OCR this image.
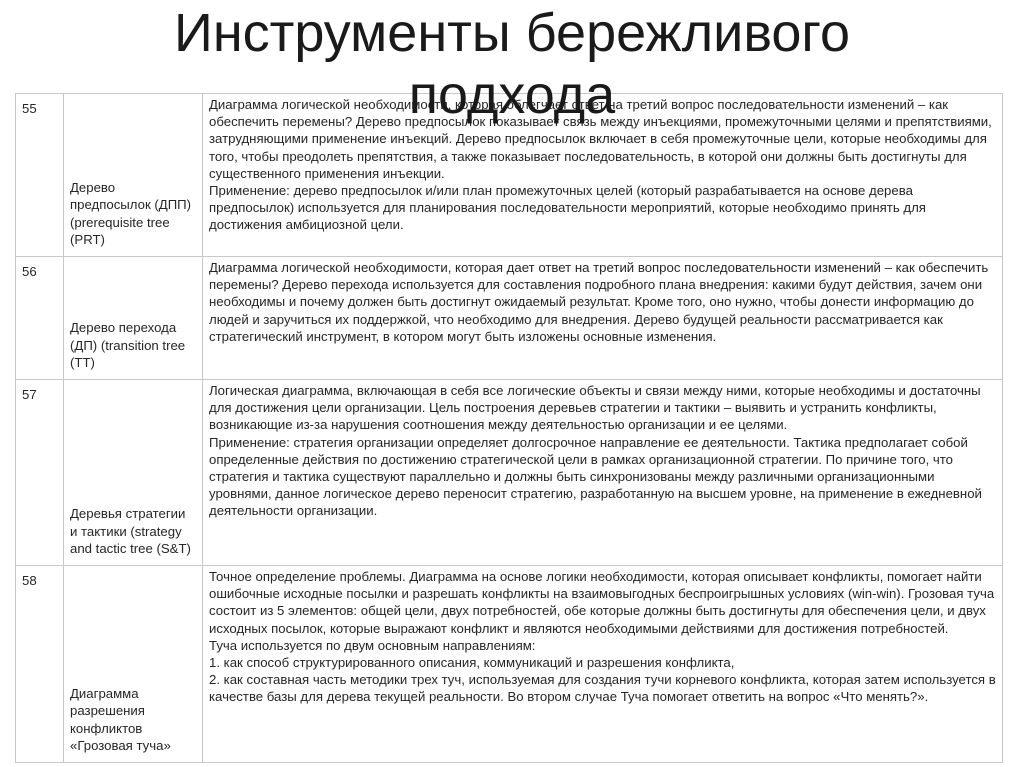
Инструменты бережливого
подхода
55	Дерево предпосылок (ДПП) (prerequisite tree (PRT)	Диаграмма логической необходимости, которая облегчает ответ на третий вопрос последовательности изменений – как обеспечить перемены? Дерево предпосылок показывает связь между инъекциями, промежуточными целями и препятствиями, затрудняющими применение инъекций. Дерево предпосылок включает в себя промежуточные цели, которые необходимы для того, чтобы преодолеть препятствия, а также показывает последовательность, в которой они должны быть достигнуты для существенного применения инъекции.

Применение: дерево предпосылок и/или план промежуточных целей (который разрабатывается на основе дерева предпосылок) используется для планирования последовательности мероприятий, которые необходимо принять для достижения амбициозной цели.

56	Дерево перехода (ДП) (transition tree (TT)	Диаграмма логической необходимости, которая дает ответ на третий вопрос последовательности изменений – как обеспечить перемены? Дерево перехода используется для составления подробного плана внедрения: какими будут действия, зачем они необходимы и почему должен быть достигнут ожидаемый результат. Кроме того, оно нужно, чтобы донести информацию до людей и заручиться их поддержкой, что необходимо для внедрения. Дерево будущей реальности рассматривается как стратегический инструмент, в котором могут быть изложены основные изменения.

57	Деревья стратегии и тактики (strategy and tactic tree (S&T)	Логическая диаграмма, включающая в себя все логические объекты и связи между ними, которые необходимы и достаточны для достижения цели организации. Цель построения деревьев стратегии и тактики – выявить и устранить конфликты, возникающие из-за нарушения соотношения между деятельностью организации и ее целями.

Применение: стратегия организации определяет долгосрочное направление ее деятельности. Тактика предполагает собой определенные действия по достижению стратегической цели в рамках организационной стратегии. По причине того, что стратегия и тактика существуют параллельно и должны быть синхронизованы между различными организационными уровнями, данное логическое дерево переносит стратегию, разработанную на высшем уровне, на применение в ежедневной деятельности организации.

58	Диаграмма разрешения конфликтов «Грозовая туча»	Точное определение проблемы. Диаграмма на основе логики необходимости, которая описывает конфликты, помогает найти ошибочные исходные посылки и разрешать конфликты на взаимовыгодных беспроигрышных условиях (win-win). Грозовая туча состоит из 5 элементов: общей цели, двух потребностей, обе которые должны быть достигнуты для обеспечения цели, и двух исходных посылок, которые выражают конфликт и являются необходимыми действиями для достижения потребностей.

Туча используется по двум основным направлениям:

1. как способ структурированного описания, коммуникаций и разрешения конфликта,

2. как составная часть методики трех туч, используемая для создания тучи корневого конфликта, которая затем используется в качестве базы для дерева текущей реальности. Во втором случае Туча помогает ответить на вопрос «Что менять?».
